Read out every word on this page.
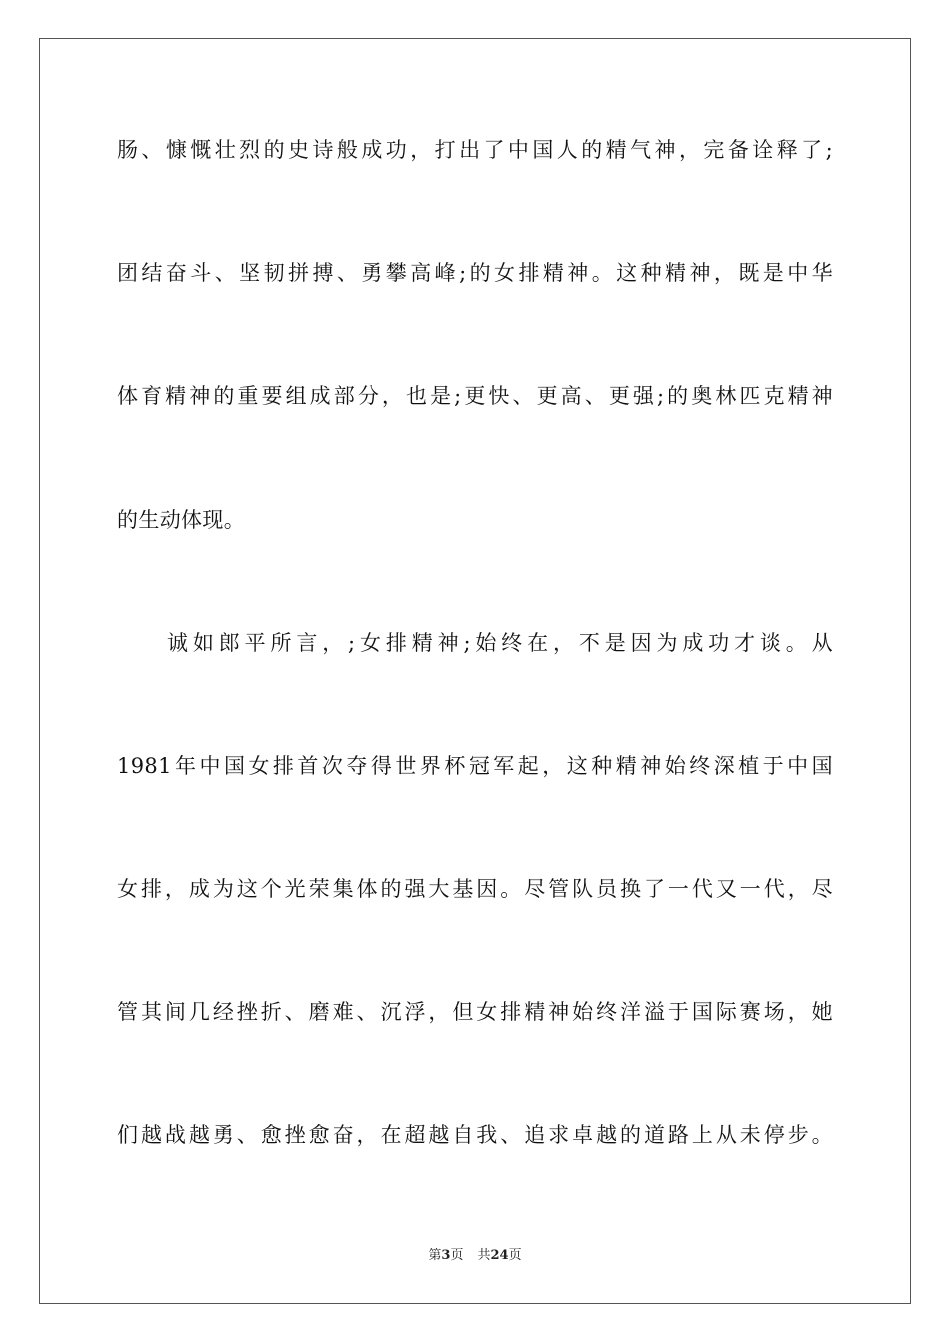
肠、慷慨壮烈的史诗般成功，打出了中国人的精气神，完备诠释了;
团结奋斗、坚韧拼搏、勇攀高峰;的女排精神。这种精神，既是中华
体育精神的重要组成部分，也是;更快、更高、更强;的奥林匹克精神
的生动体现。
诚如郎平所言，;女排精神;始终在，不是因为成功才谈。从
1981年中国女排首次夺得世界杯冠军起，这种精神始终深植于中国
女排，成为这个光荣集体的强大基因。尽管队员换了一代又一代，尽
管其间几经挫折、磨难、沉浮，但女排精神始终洋溢于国际赛场，她
们越战越勇、愈挫愈奋，在超越自我、追求卓越的道路上从未停步。
第3页 共24页
